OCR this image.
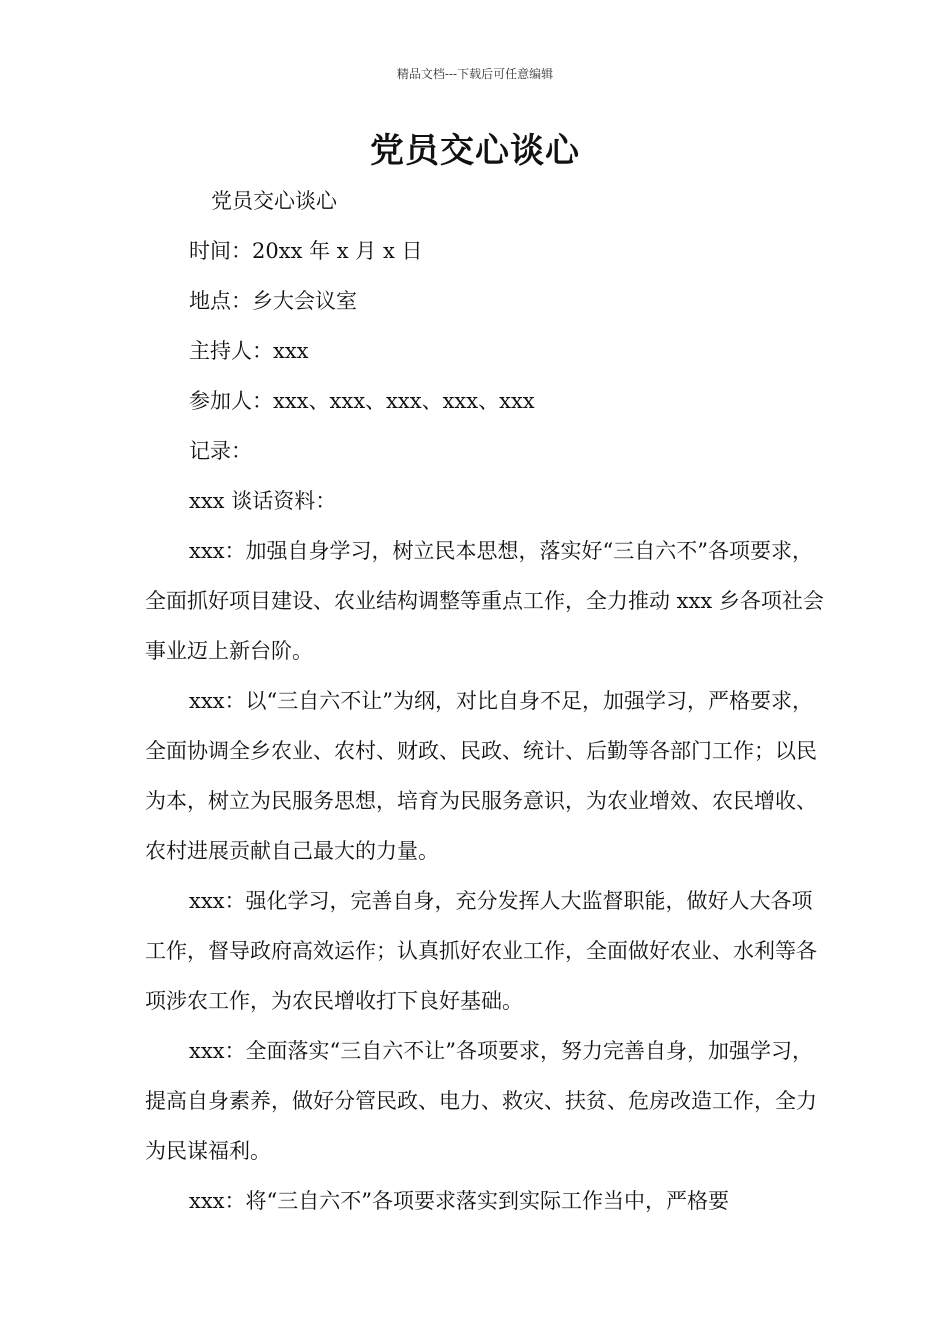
精品文档---下载后可任意编辑
党员交心谈心

党员交心谈心

时间：20xx 年 x 月 x 日

地点：乡大会议室

主持人：xxx

参加人：xxx、xxx、xxx、xxx、xxx

记录：

xxx 谈话资料：

xxx：加强自身学习，树立民本思想，落实好“三自六不”各项要求，全面抓好项目建设、农业结构调整等重点工作，全力推动 xxx 乡各项社会事业迈上新台阶。

xxx：以“三自六不让”为纲，对比自身不足，加强学习，严格要求，全面协调全乡农业、农村、财政、民政、统计、后勤等各部门工作；以民为本，树立为民服务思想，培育为民服务意识，为农业增效、农民增收、农村进展贡献自己最大的力量。

xxx：强化学习，完善自身，充分发挥人大监督职能，做好人大各项工作，督导政府高效运作；认真抓好农业工作，全面做好农业、水利等各项涉农工作，为农民增收打下良好基础。

xxx：全面落实“三自六不让”各项要求，努力完善自身，加强学习，提高自身素养，做好分管民政、电力、救灾、扶贫、危房改造工作，全力为民谋福利。

xxx：将“三自六不”各项要求落实到实际工作当中，严格要
